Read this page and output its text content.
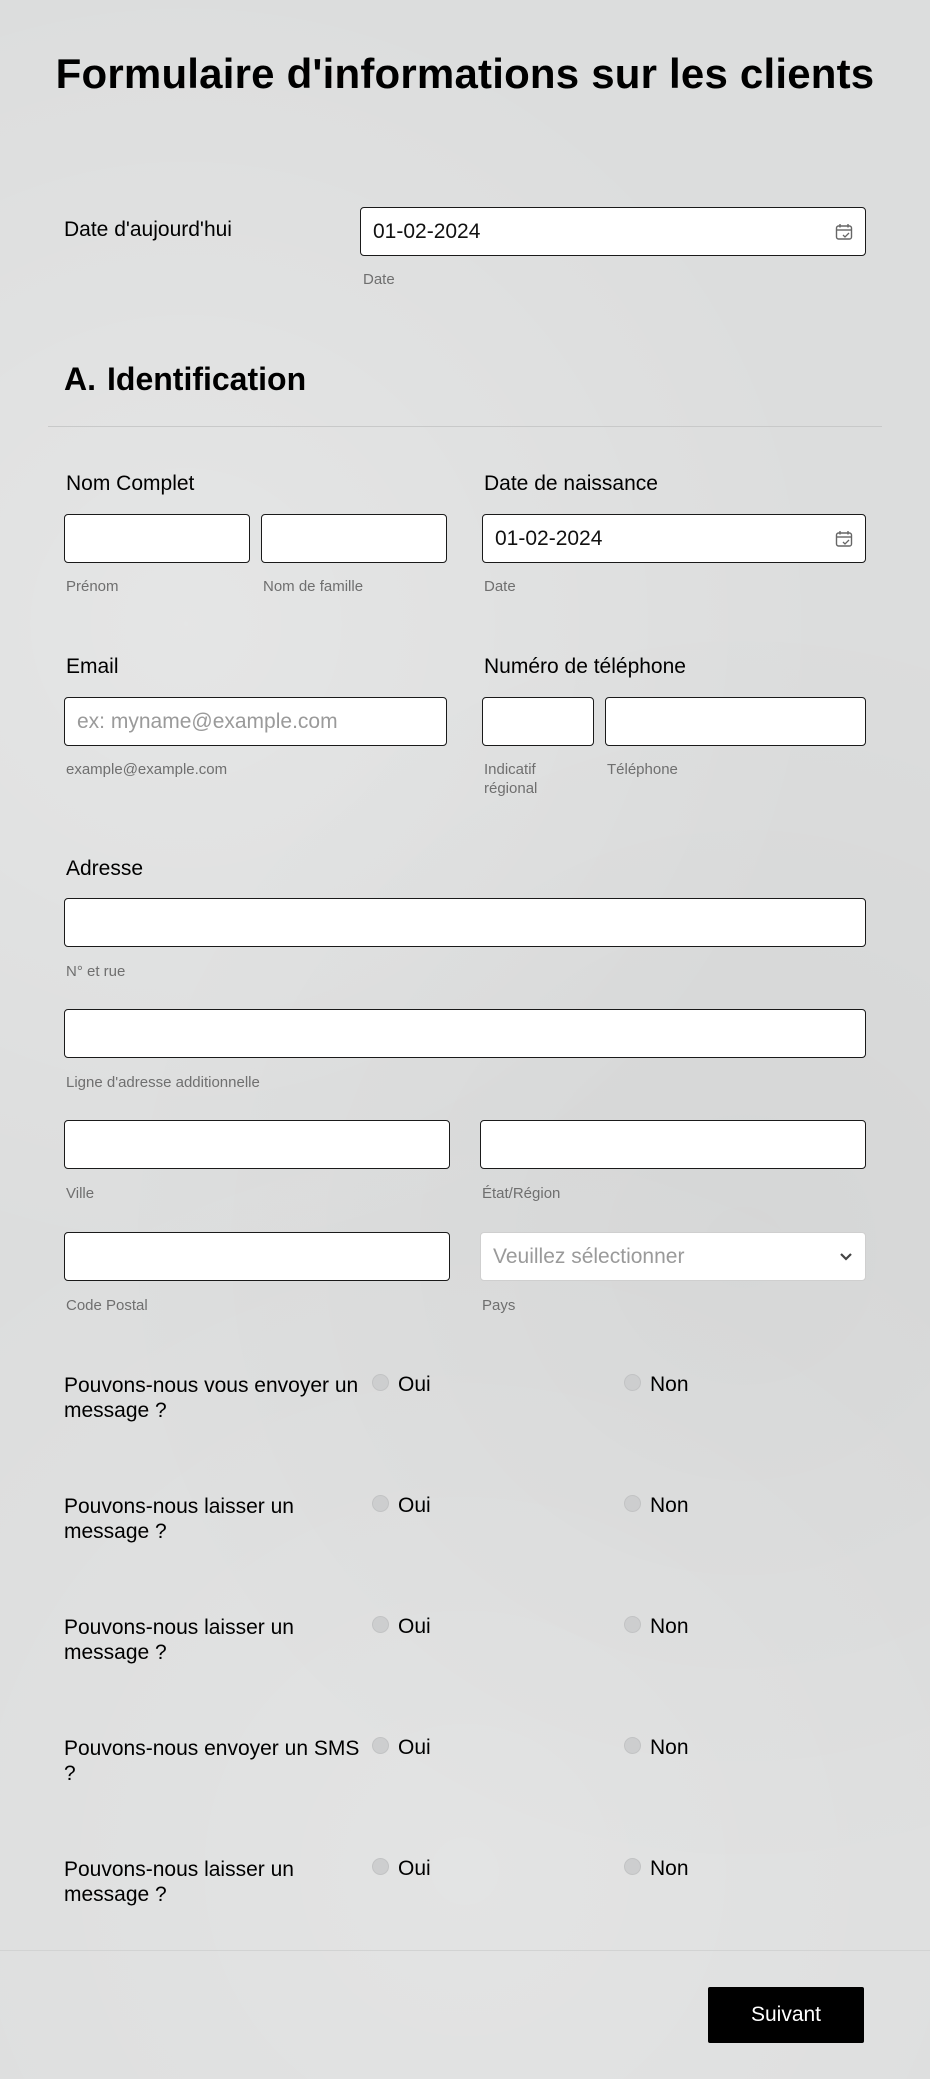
Formulaire d'informations sur les clients
Date d'aujourd'hui	01-02-2024
Date
A. Identification
Nom Complet
Prénom	Nom de famille
Date de naissance
01-02-2024
Date
Email
ex: myname@example.com
example@example.com
Numéro de téléphone
Indicatif
régional
Téléphone
Adresse
N° et rue
Ligne d'adresse additionnelle
Ville	État/Région
Code Postal
Veuillez sélectionner
Pays
Pouvons-nous vous envoyer un message ?
Oui	Non
Pouvons-nous laisser un message ?
Oui	Non
Pouvons-nous laisser un message ?
Oui	Non
Pouvons-nous envoyer un SMS ?
Oui	Non
Pouvons-nous laisser un message ?
Oui	Non
Suivant
